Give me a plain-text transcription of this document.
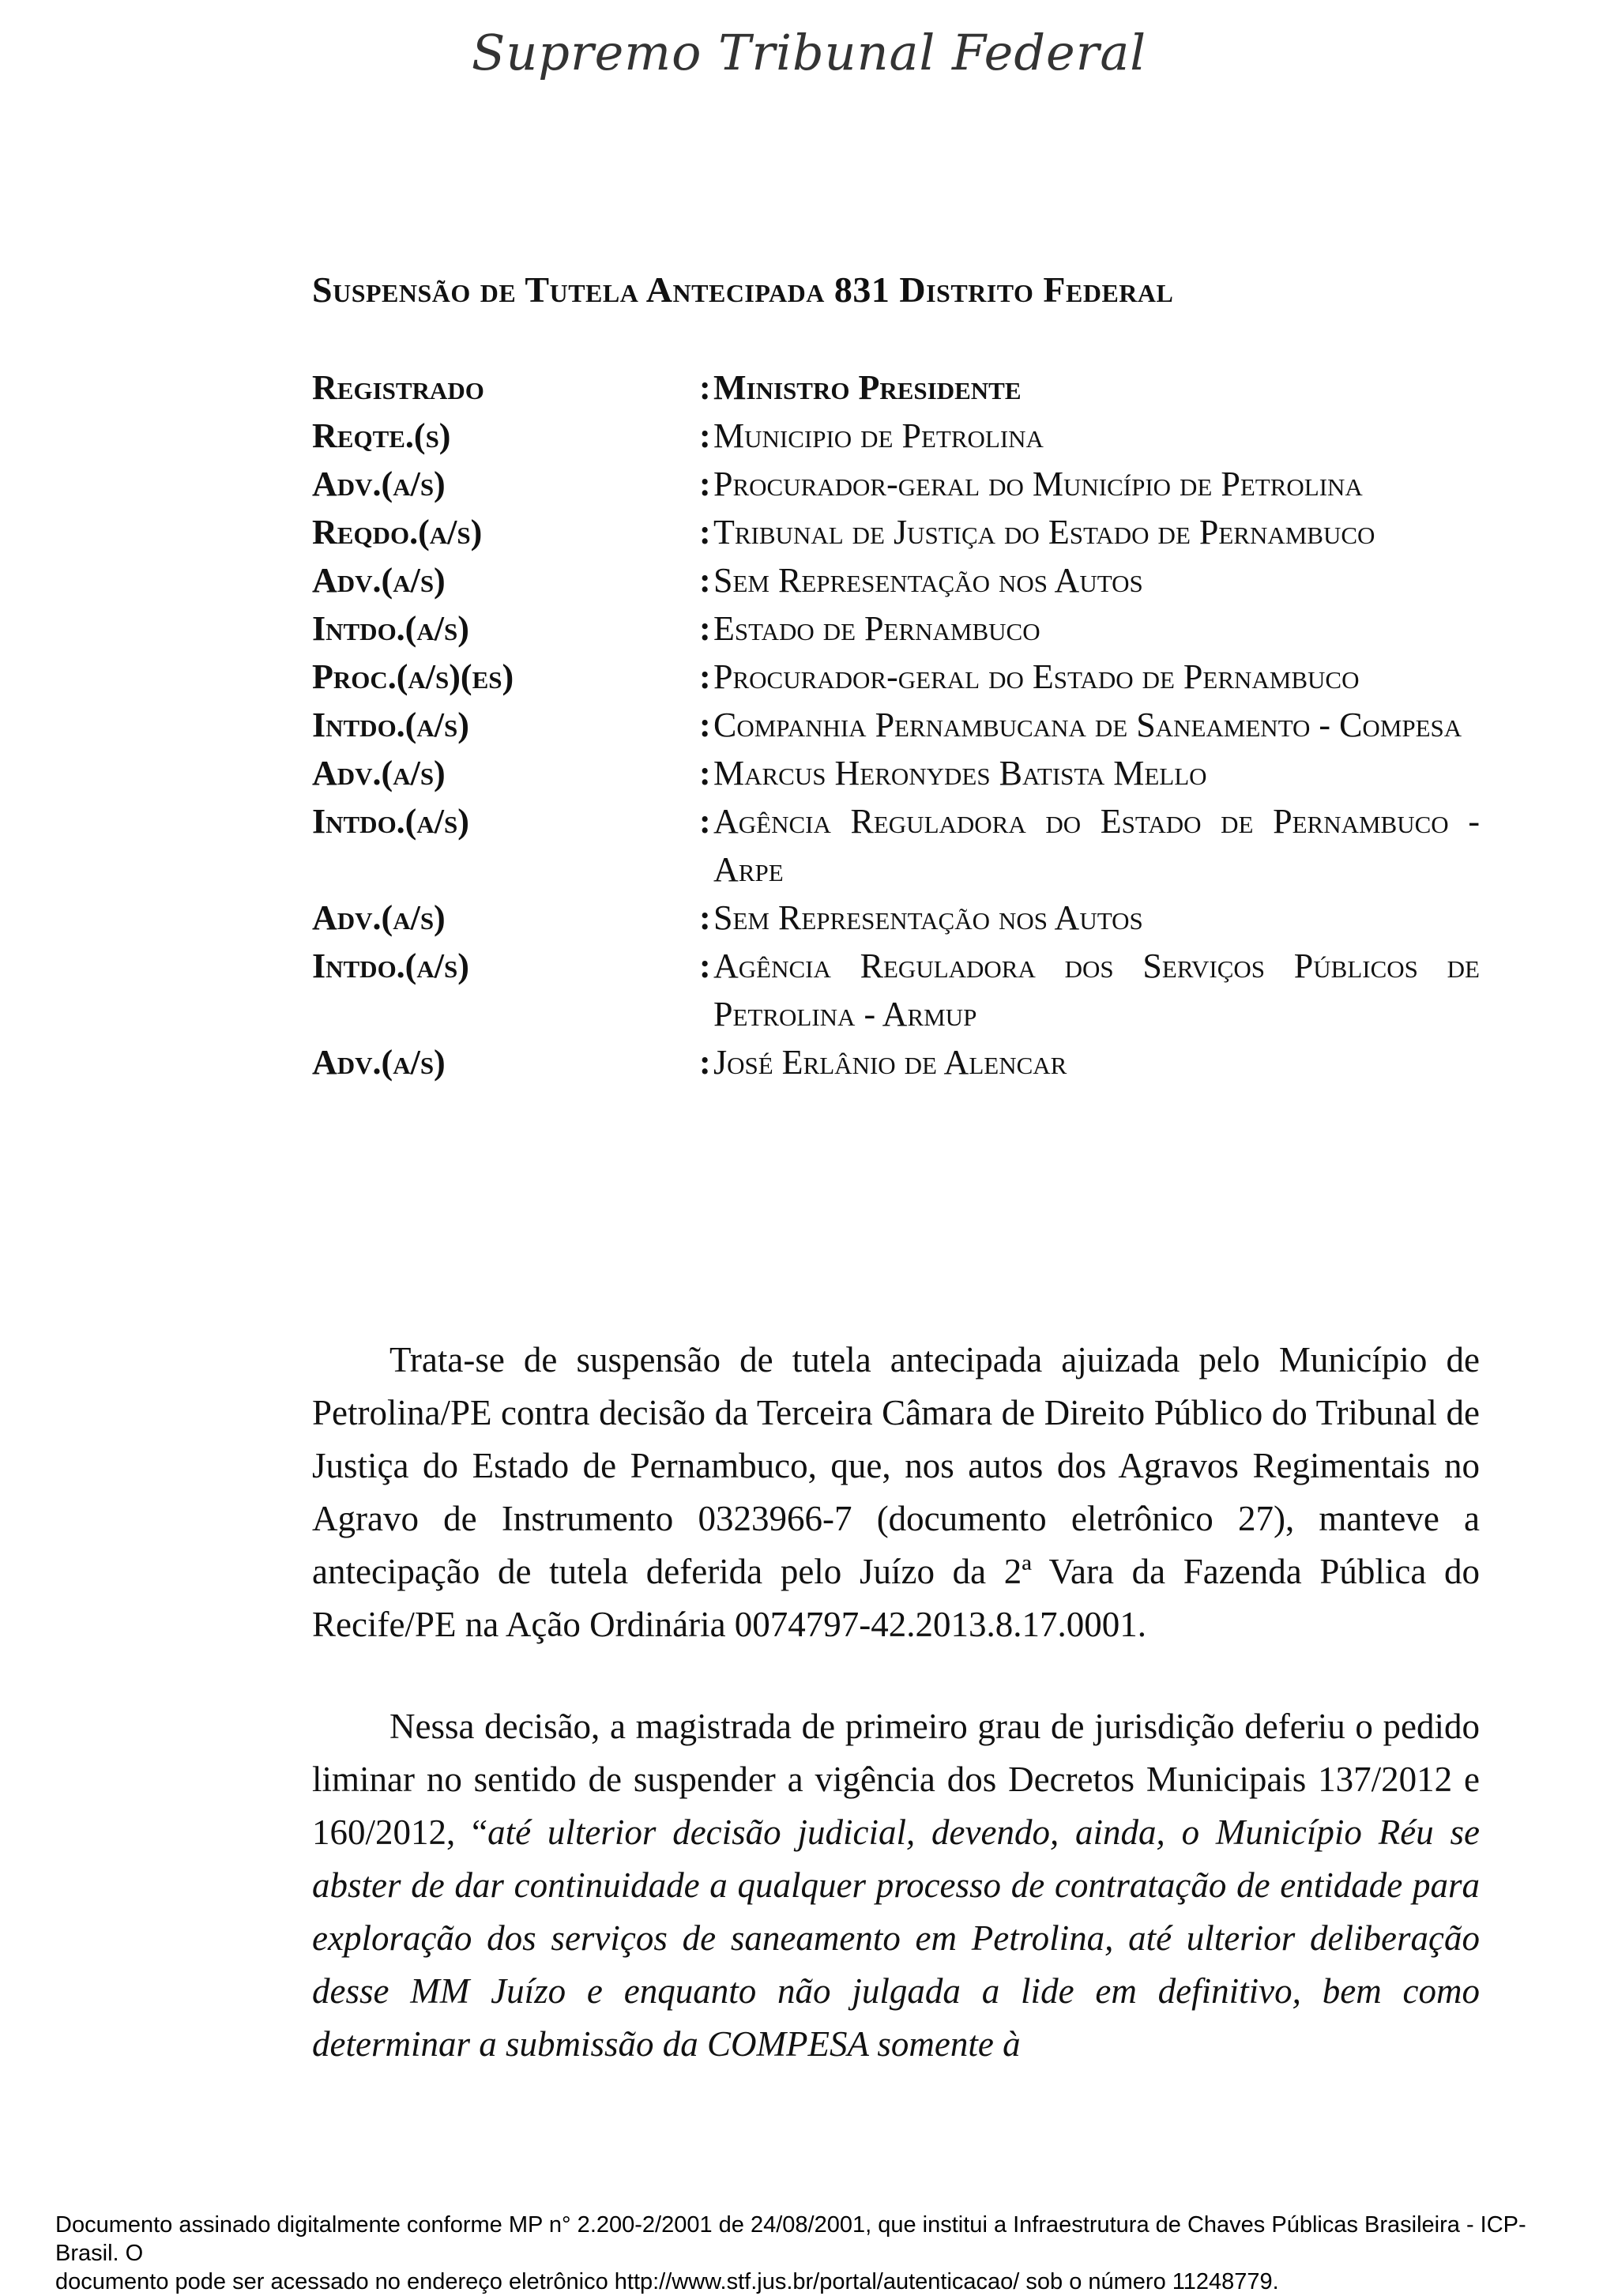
Supremo Tribunal Federal
Suspensão de Tutela Antecipada 831 Distrito Federal
Registrado	: Ministro Presidente
Reqte.(s)	: Municipio de Petrolina
Adv.(a/s)	: Procurador-geral do Município de Petrolina
Reqdo.(a/s)	: Tribunal de Justiça do Estado de Pernambuco
Adv.(a/s)	: Sem Representação nos Autos
Intdo.(a/s)	: Estado de Pernambuco
Proc.(a/s)(es)	: Procurador-geral do Estado de Pernambuco
Intdo.(a/s)	: Companhia Pernambucana de Saneamento - Compesa
Adv.(a/s)	: Marcus Heronydes Batista Mello
Intdo.(a/s)	: Agência Reguladora do Estado de Pernambuco - Arpe
Adv.(a/s)	: Sem Representação nos Autos
Intdo.(a/s)	: Agência Reguladora dos Serviços Públicos de Petrolina - Armup
Adv.(a/s)	: José Erlânio de Alencar

Trata-se de suspensão de tutela antecipada ajuizada pelo Município de Petrolina/PE contra decisão da Terceira Câmara de Direito Público do Tribunal de Justiça do Estado de Pernambuco, que, nos autos dos Agravos Regimentais no Agravo de Instrumento 0323966-7 (documento eletrônico 27), manteve a antecipação de tutela deferida pelo Juízo da 2ª Vara da Fazenda Pública do Recife/PE na Ação Ordinária 0074797-42.2013.8.17.0001.

Nessa decisão, a magistrada de primeiro grau de jurisdição deferiu o pedido liminar no sentido de suspender a vigência dos Decretos Municipais 137/2012 e 160/2012, “até ulterior decisão judicial, devendo, ainda, o Município Réu se abster de dar continuidade a qualquer processo de contratação de entidade para exploração dos serviços de saneamento em Petrolina, até ulterior deliberação desse MM Juízo e enquanto não julgada a lide em definitivo, bem como determinar a submissão da COMPESA somente à

Documento assinado digitalmente conforme MP n° 2.200-2/2001 de 24/08/2001, que institui a Infraestrutura de Chaves Públicas Brasileira - ICP-Brasil. O
documento pode ser acessado no endereço eletrônico http://www.stf.jus.br/portal/autenticacao/ sob o número 11248779.
